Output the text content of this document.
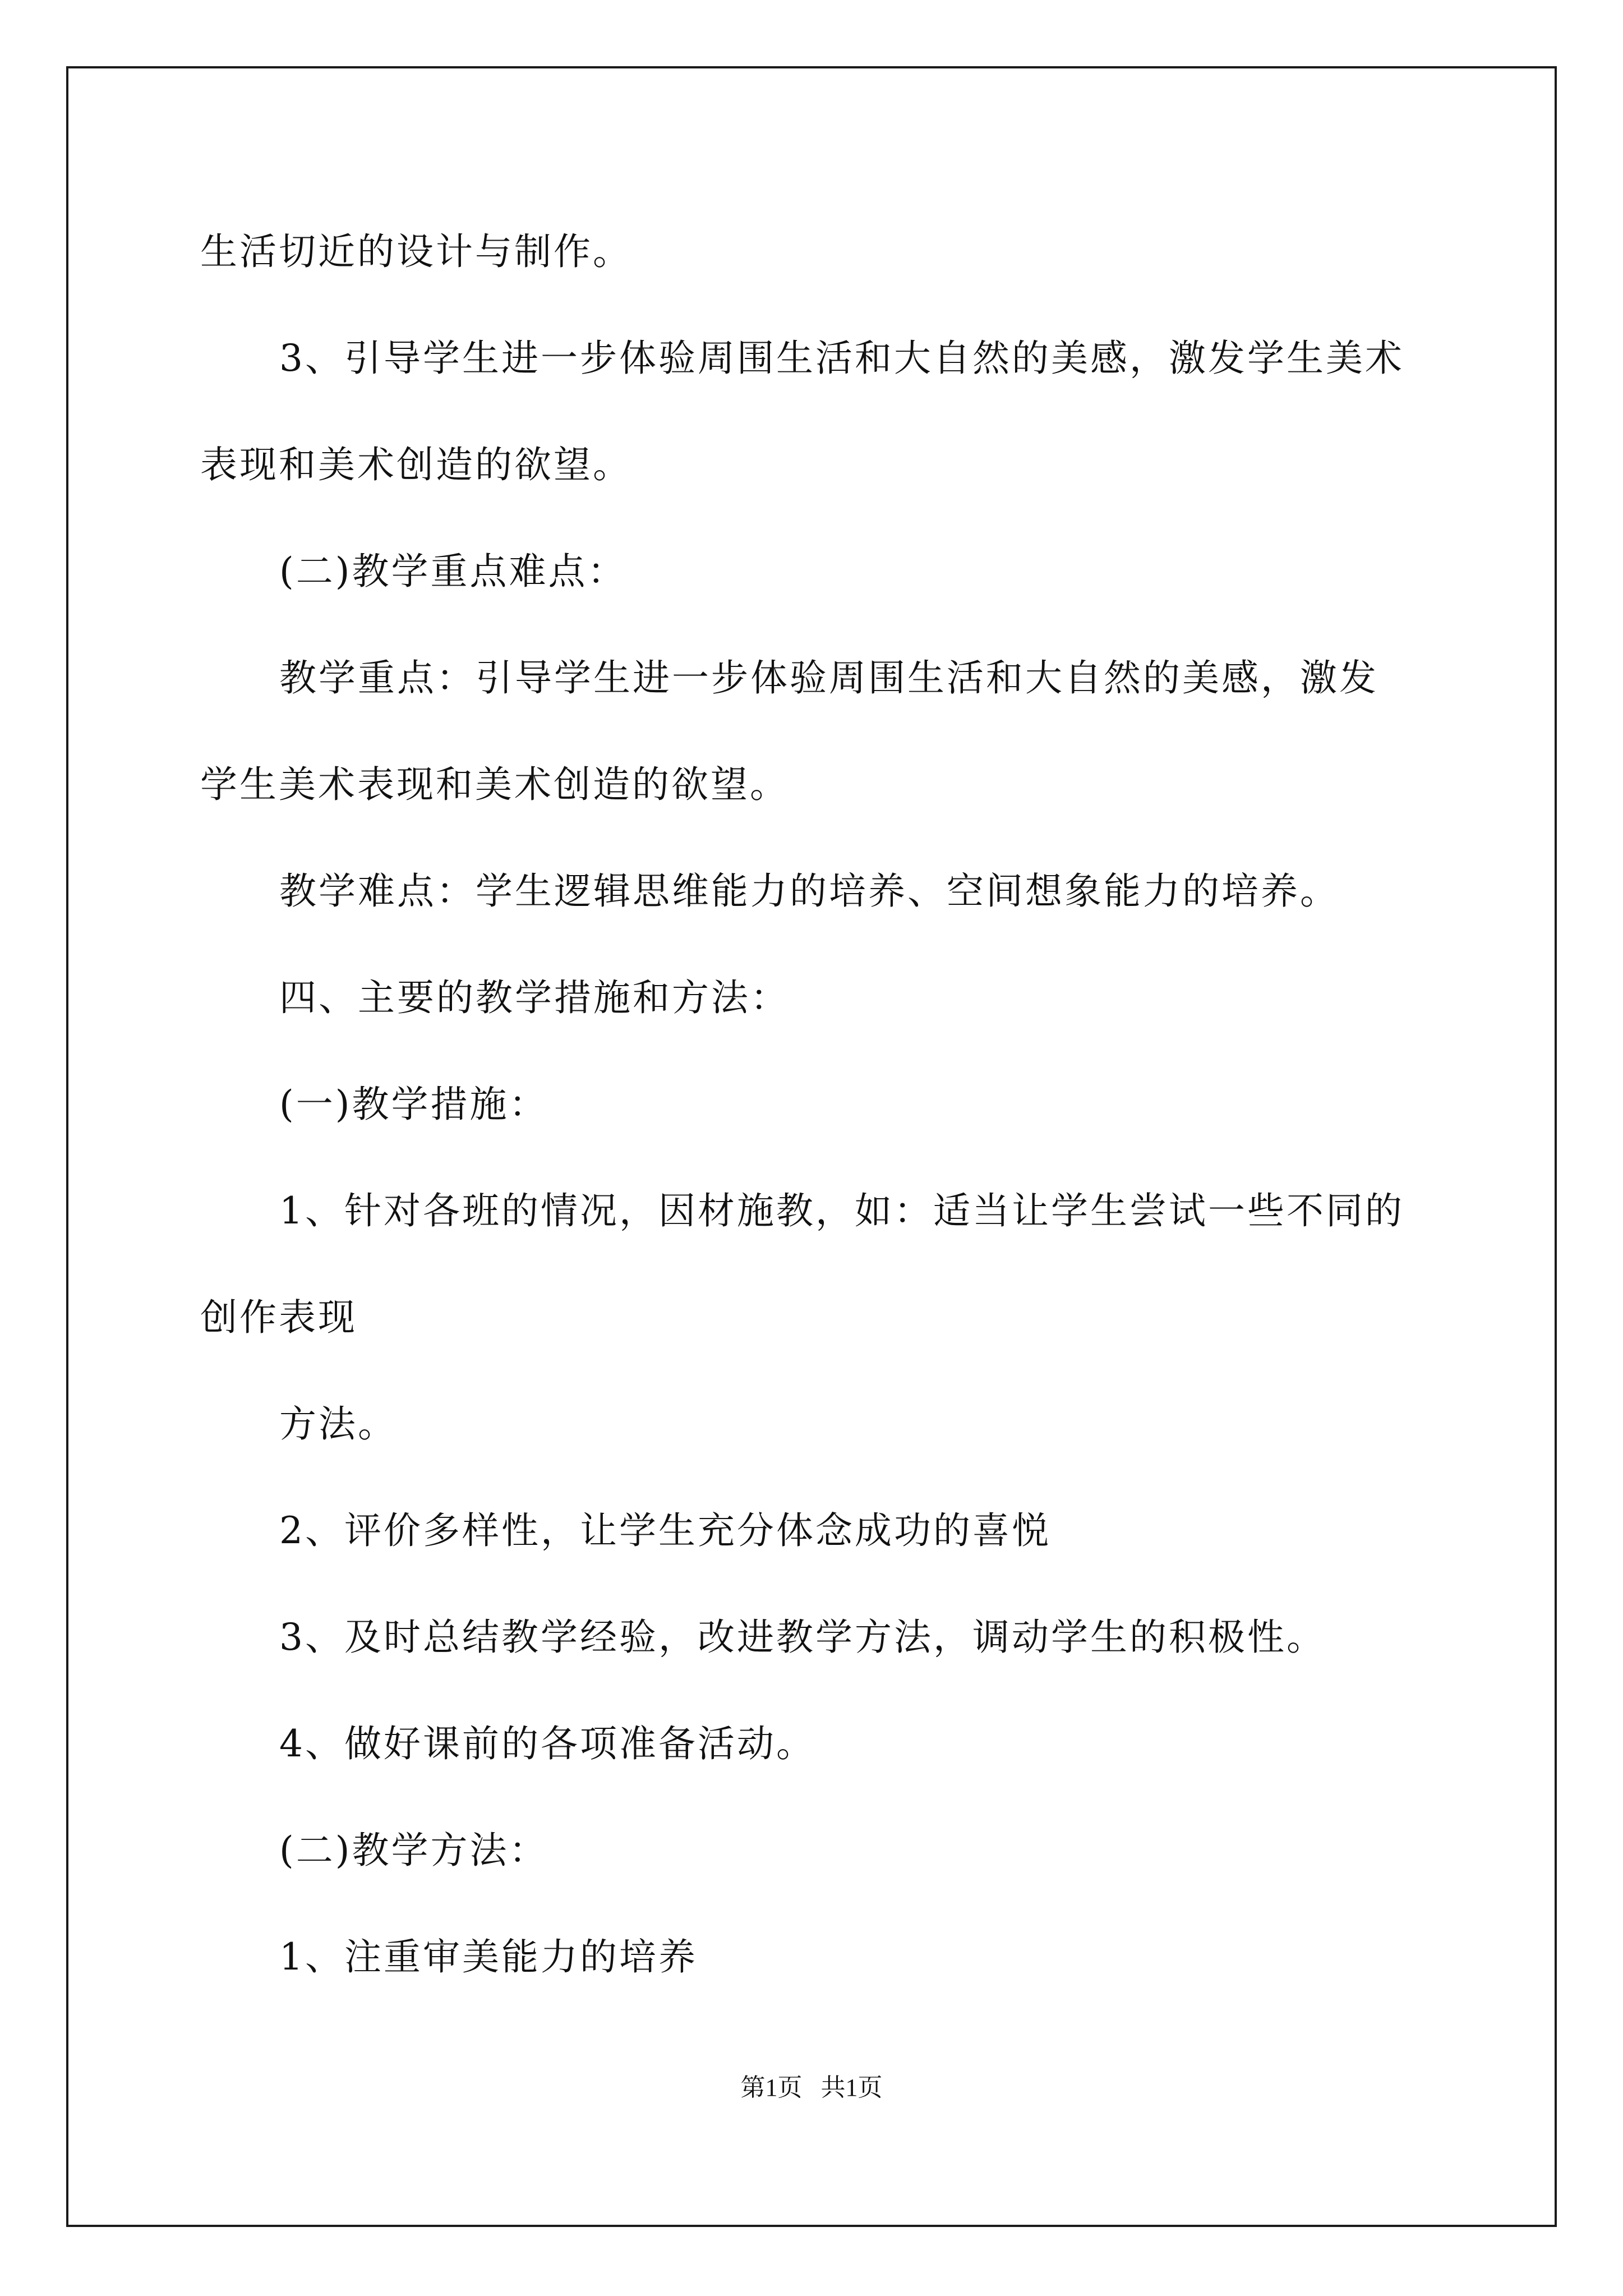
生活切近的设计与制作。

3、引导学生进一步体验周围生活和大自然的美感，激发学生美术

表现和美术创造的欲望。

(二)教学重点难点：

教学重点：引导学生进一步体验周围生活和大自然的美感，激发

学生美术表现和美术创造的欲望。

教学难点：学生逻辑思维能力的培养、空间想象能力的培养。

四、主要的教学措施和方法：

(一)教学措施：

1、针对各班的情况，因材施教，如：适当让学生尝试一些不同的

创作表现

方法。

2、评价多样性，让学生充分体念成功的喜悦

3、及时总结教学经验，改进教学方法，调动学生的积极性。

4、做好课前的各项准备活动。

(二)教学方法：

1、注重审美能力的培养

第1页   共1页
